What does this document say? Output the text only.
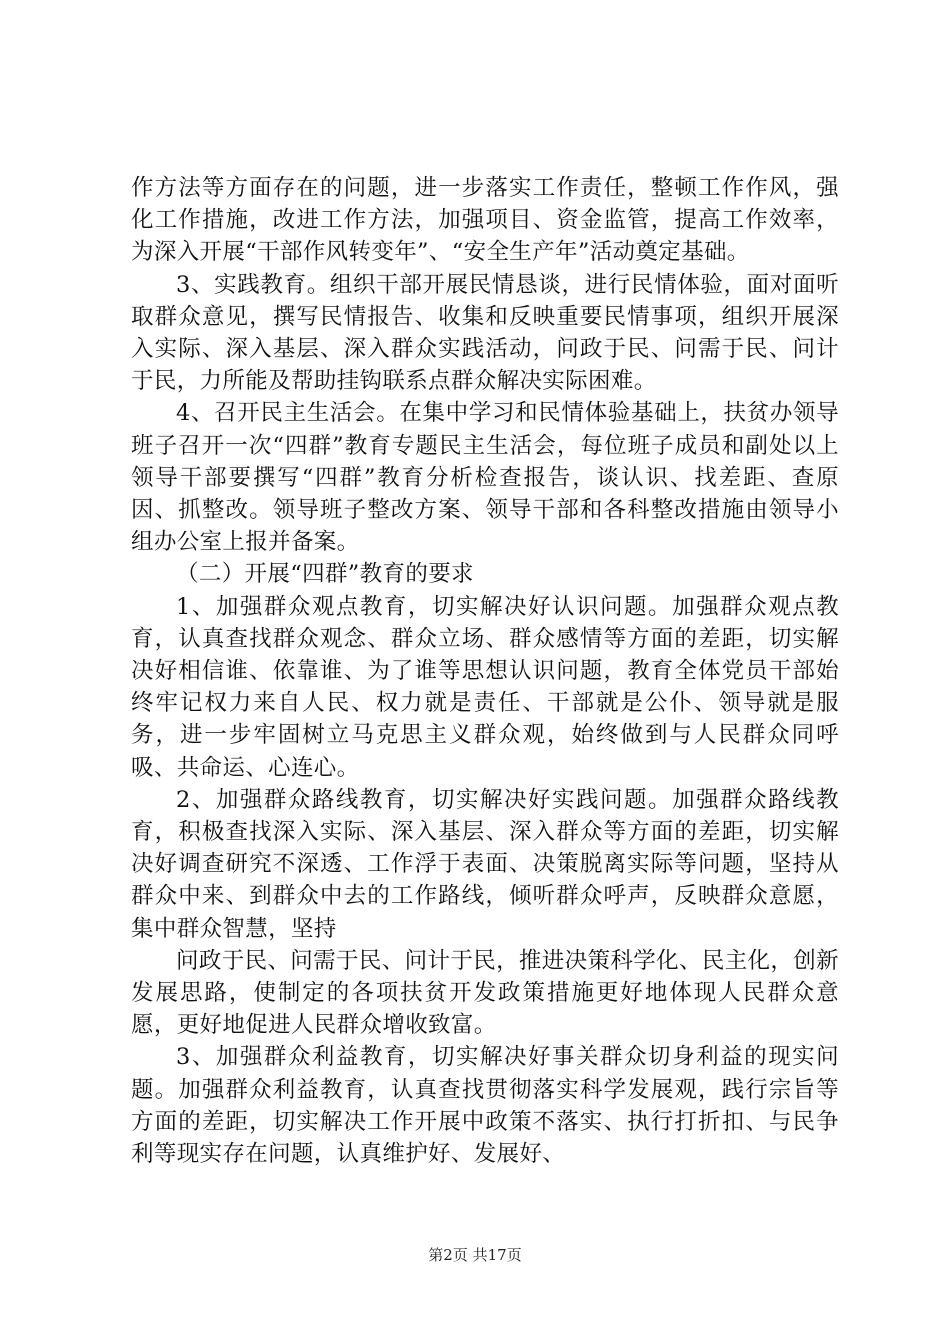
作方法等方面存在的问题，进一步落实工作责任，整顿工作作风，强化工作措施，改进工作方法，加强项目、资金监管，提高工作效率，为深入开展“干部作风转变年”、“安全生产年”活动奠定基础。

3、实践教育。组织干部开展民情恳谈，进行民情体验，面对面听取群众意见，撰写民情报告、收集和反映重要民情事项，组织开展深入实际、深入基层、深入群众实践活动，问政于民、问需于民、问计于民，力所能及帮助挂钩联系点群众解决实际困难。

4、召开民主生活会。在集中学习和民情体验基础上，扶贫办领导班子召开一次“四群”教育专题民主生活会，每位班子成员和副处以上领导干部要撰写“四群”教育分析检查报告，谈认识、找差距、查原因、抓整改。领导班子整改方案、领导干部和各科整改措施由领导小组办公室上报并备案。

（二）开展“四群”教育的要求

1、加强群众观点教育，切实解决好认识问题。加强群众观点教育，认真查找群众观念、群众立场、群众感情等方面的差距，切实解决好相信谁、依靠谁、为了谁等思想认识问题，教育全体党员干部始终牢记权力来自人民、权力就是责任、干部就是公仆、领导就是服务，进一步牢固树立马克思主义群众观，始终做到与人民群众同呼吸、共命运、心连心。

2、加强群众路线教育，切实解决好实践问题。加强群众路线教育，积极查找深入实际、深入基层、深入群众等方面的差距，切实解决好调查研究不深透、工作浮于表面、决策脱离实际等问题，坚持从群众中来、到群众中去的工作路线，倾听群众呼声，反映群众意愿，集中群众智慧，坚持

问政于民、问需于民、问计于民，推进决策科学化、民主化，创新发展思路，使制定的各项扶贫开发政策措施更好地体现人民群众意愿，更好地促进人民群众增收致富。

3、加强群众利益教育，切实解决好事关群众切身利益的现实问题。加强群众利益教育，认真查找贯彻落实科学发展观，践行宗旨等方面的差距，切实解决工作开展中政策不落实、执行打折扣、与民争利等现实存在问题，认真维护好、发展好、

第2页 共17页
